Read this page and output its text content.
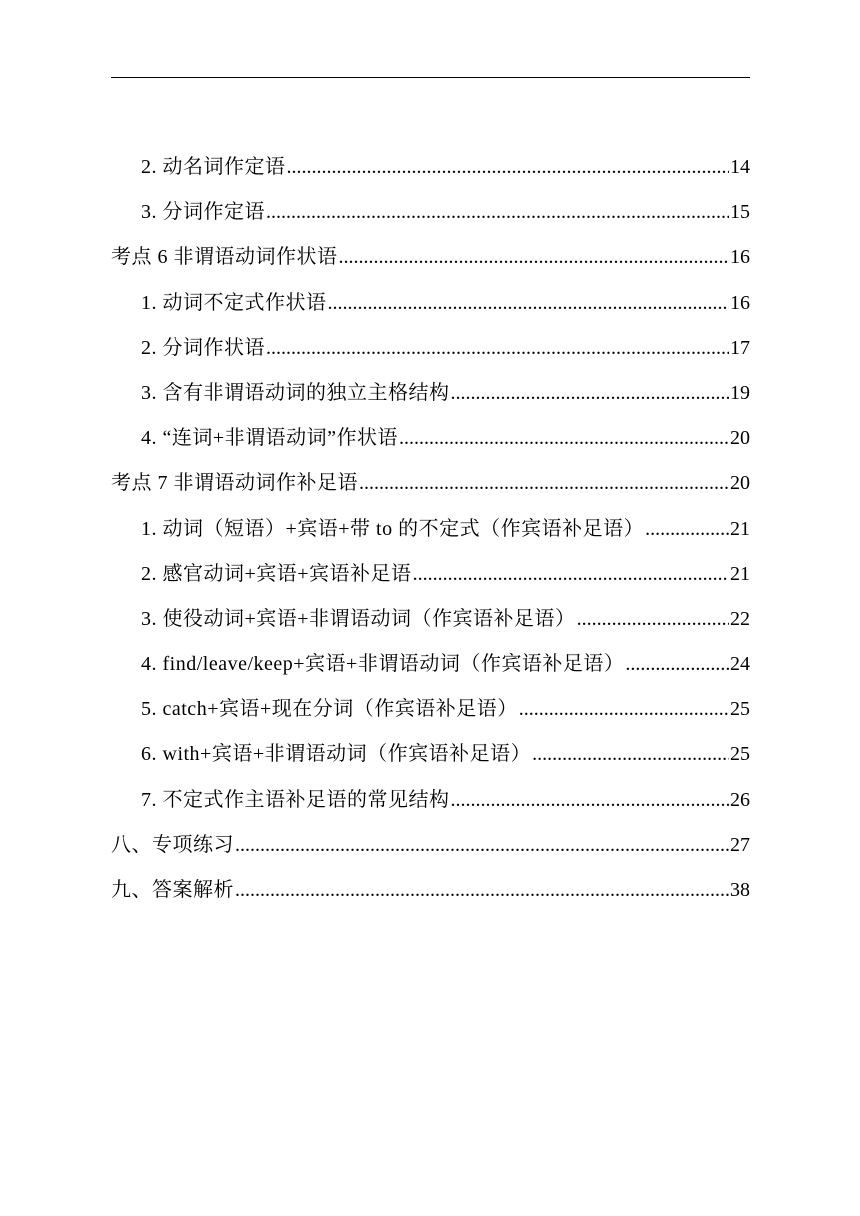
2. 动名词作定语 .....	14
3. 分词作定语 .....	15
考点 6 非谓语动词作状语 .....	16
1. 动词不定式作状语 .....	16
2. 分词作状语 .....	17
3. 含有非谓语动词的独立主格结构 .....	19
4. “连词+非谓语动词”作状语 .....	20
考点 7 非谓语动词作补足语 .....	20
1. 动词（短语）+宾语+带 to 的不定式（作宾语补足语） .....	21
2. 感官动词+宾语+宾语补足语 .....	21
3. 使役动词+宾语+非谓语动词（作宾语补足语） .....	22
4. find/leave/keep+宾语+非谓语动词（作宾语补足语） .....	24
5. catch+宾语+现在分词（作宾语补足语） .....	25
6. with+宾语+非谓语动词（作宾语补足语） .....	25
7. 不定式作主语补足语的常见结构 .....	26
八、专项练习 .....	27
九、答案解析 .....	38
